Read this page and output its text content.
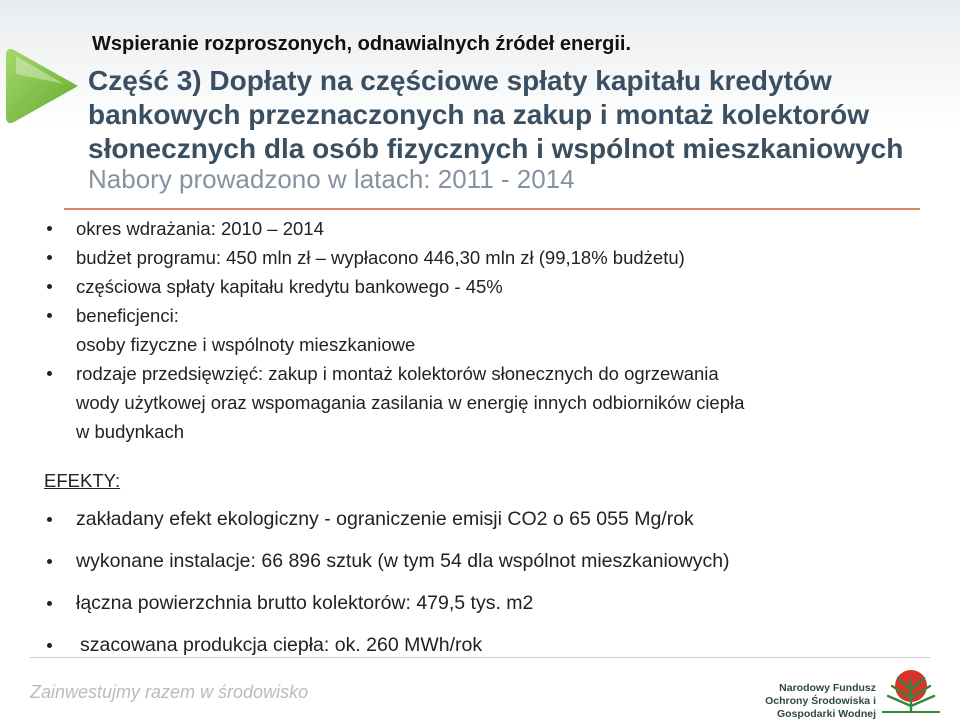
Wspieranie rozproszonych, odnawialnych źródeł energii.
Część 3) Dopłaty na częściowe spłaty kapitału kredytów
bankowych przeznaczonych na zakup i montaż kolektorów
słonecznych dla osób fizycznych i wspólnot mieszkaniowych
Nabory prowadzono w latach: 2011 - 2014
okres wdrażania: 2010 – 2014
budżet programu: 450 mln zł – wypłacono 446,30 mln zł (99,18% budżetu)
częściowa spłaty kapitału kredytu bankowego - 45%
beneficjenci:
osoby fizyczne i wspólnoty mieszkaniowe
rodzaje przedsięwzięć: zakup i montaż kolektorów słonecznych do ogrzewania
wody użytkowej oraz wspomagania zasilania w energię innych odbiorników ciepła
w budynkach
EFEKTY:
zakładany efekt ekologiczny - ograniczenie emisji CO2 o 65 055 Mg/rok
wykonane instalacje: 66 896 sztuk (w tym 54 dla wspólnot mieszkaniowych)
łączna powierzchnia brutto kolektorów: 479,5 tys. m2
szacowana produkcja ciepła: ok. 260 MWh/rok
Zainwestujmy razem w środowisko	Narodowy Fundusz
Ochrony Środowiska i Gospodarki Wodnej
